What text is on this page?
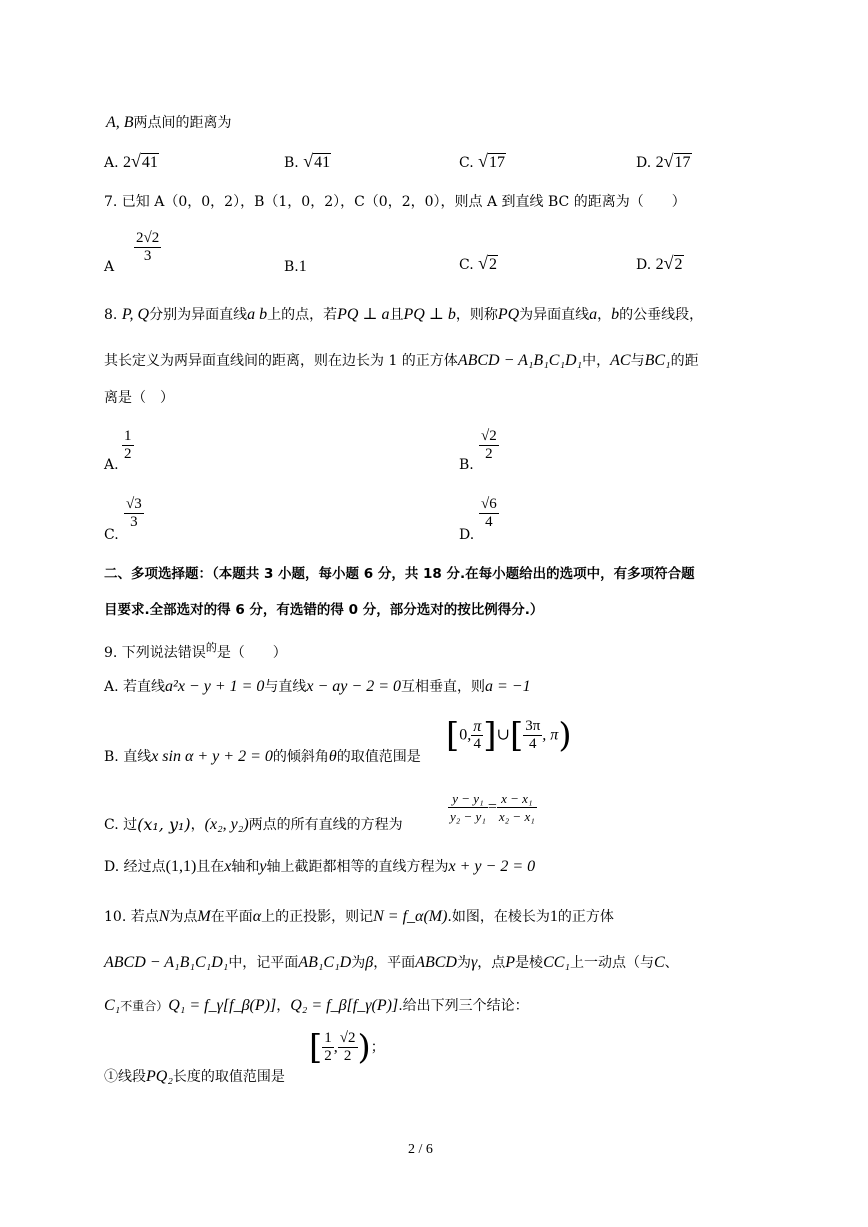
A, B两点间的距离为
A. 2√41	B. √41	C. √17	D. 2√17
7. 已知 A（0，0，2），B（1，0，2），C（0，2，0），则点 A 到直线 BC 的距离为（　　）
A
$\frac{2√2}{3}$
B.1	C. √2	D. 2√2
8. P, Q分别为异面直线a b上的点，若PQ ⊥ a且PQ ⊥ b，则称PQ为异面直线a，b的公垂线段，
其长定义为两异面直线间的距离，则在边长为 1 的正方体ABCD − A₁B₁C₁D₁中，AC与BC₁的距
离是（　）
A.
$\frac{1}{2}$
B.
$\frac{√2}{2}$
C.
$\frac{√3}{3}$
D.
$\frac{√6}{4}$
二、多项选择题：（本题共 3 小题，每小题 6 分，共 18 分.在每小题给出的选项中，有多项符合题
目要求.全部选对的得 6 分，有选错的得 0 分，部分选对的按比例得分.）
9. 下列说法错误$^的$是（　　）
A. 若直线a²x − y + 1 = 0与直线x − ay − 2 = 0互相垂直，则a = −1
B. 直线x sin α + y + 2 = 0的倾斜角θ的取值范围是
[0, $\frac{\pi}{4}$ ]∪[ $\frac{3\pi}{4}$ , π)
C. 过(x₁, y₁)，(x₂, y₂)两点的所有直线的方程为	$\frac{\text{y − y₁}}{\text{y₂ − y₁}} = \frac{\text{x − x₁}}{\text{x₂ − x₁}}$
D. 经过点(1,1)且在x轴和y轴上截距都相等的直线方程为x + y − 2 = 0
10. 若点N为点M在平面α上的正投影，则记N = f_α(M).如图，在棱长为1的正方体
ABCD − A₁B₁C₁D₁中，记平面AB₁C₁D为β，平面ABCD为γ，点P是棱CC₁上一动点（与C、
C₁不重合）Q₁ = f_γ[f_β(P)]，Q₂ = f_β[f_γ(P)].给出下列三个结论：
①线段PQ₂长度的取值范围是
[ $\frac{1}{2}$ , $\frac{√2}{2}$ )；
2 / 6
